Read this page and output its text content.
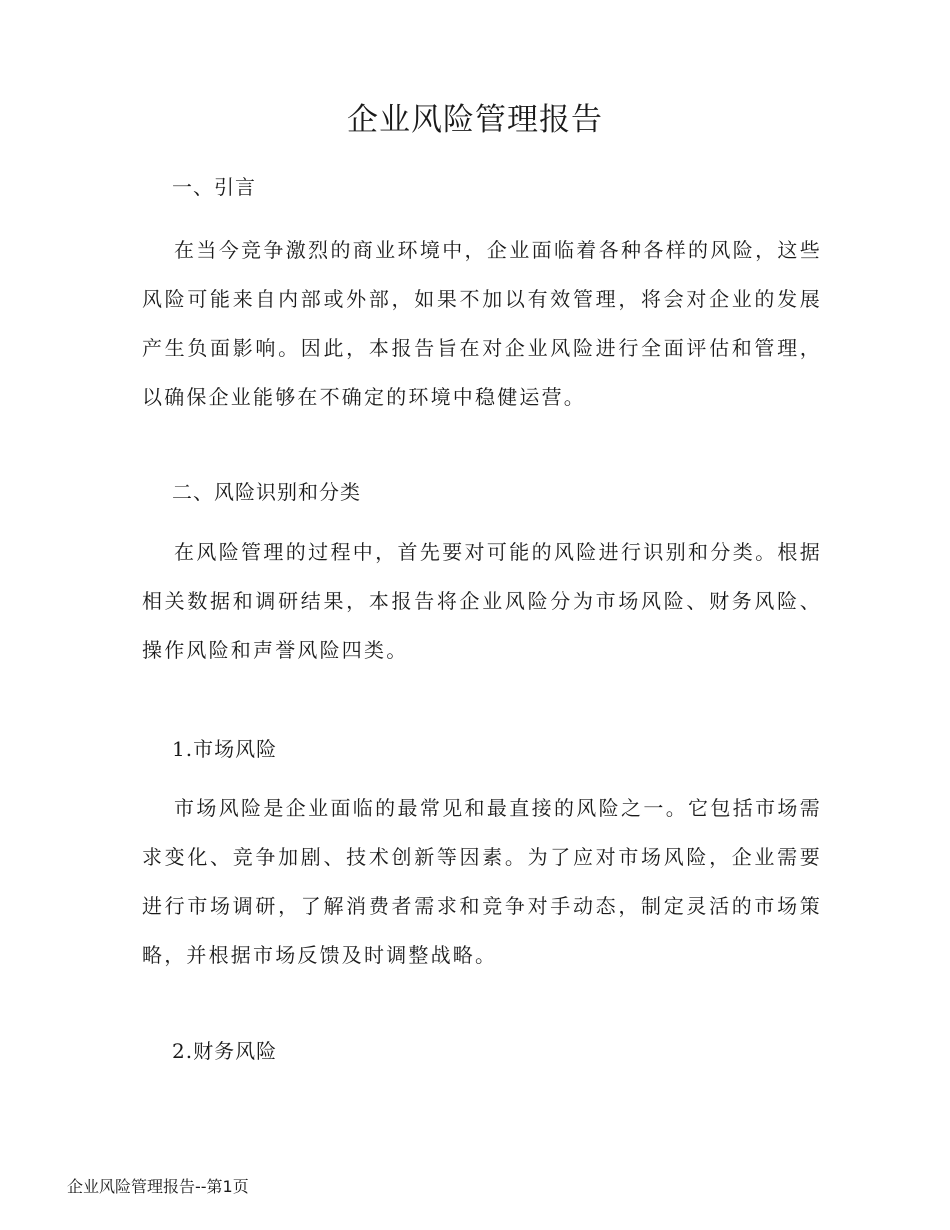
企业风险管理报告
一、引言

在当今竞争激烈的商业环境中，企业面临着各种各样的风险，这些风险可能来自内部或外部，如果不加以有效管理，将会对企业的发展产生负面影响。因此，本报告旨在对企业风险进行全面评估和管理，以确保企业能够在不确定的环境中稳健运营。

二、风险识别和分类

在风险管理的过程中，首先要对可能的风险进行识别和分类。根据相关数据和调研结果，本报告将企业风险分为市场风险、财务风险、操作风险和声誉风险四类。

1.市场风险

市场风险是企业面临的最常见和最直接的风险之一。它包括市场需求变化、竞争加剧、技术创新等因素。为了应对市场风险，企业需要进行市场调研，了解消费者需求和竞争对手动态，制定灵活的市场策略，并根据市场反馈及时调整战略。

2.财务风险
企业风险管理报告--第1页
